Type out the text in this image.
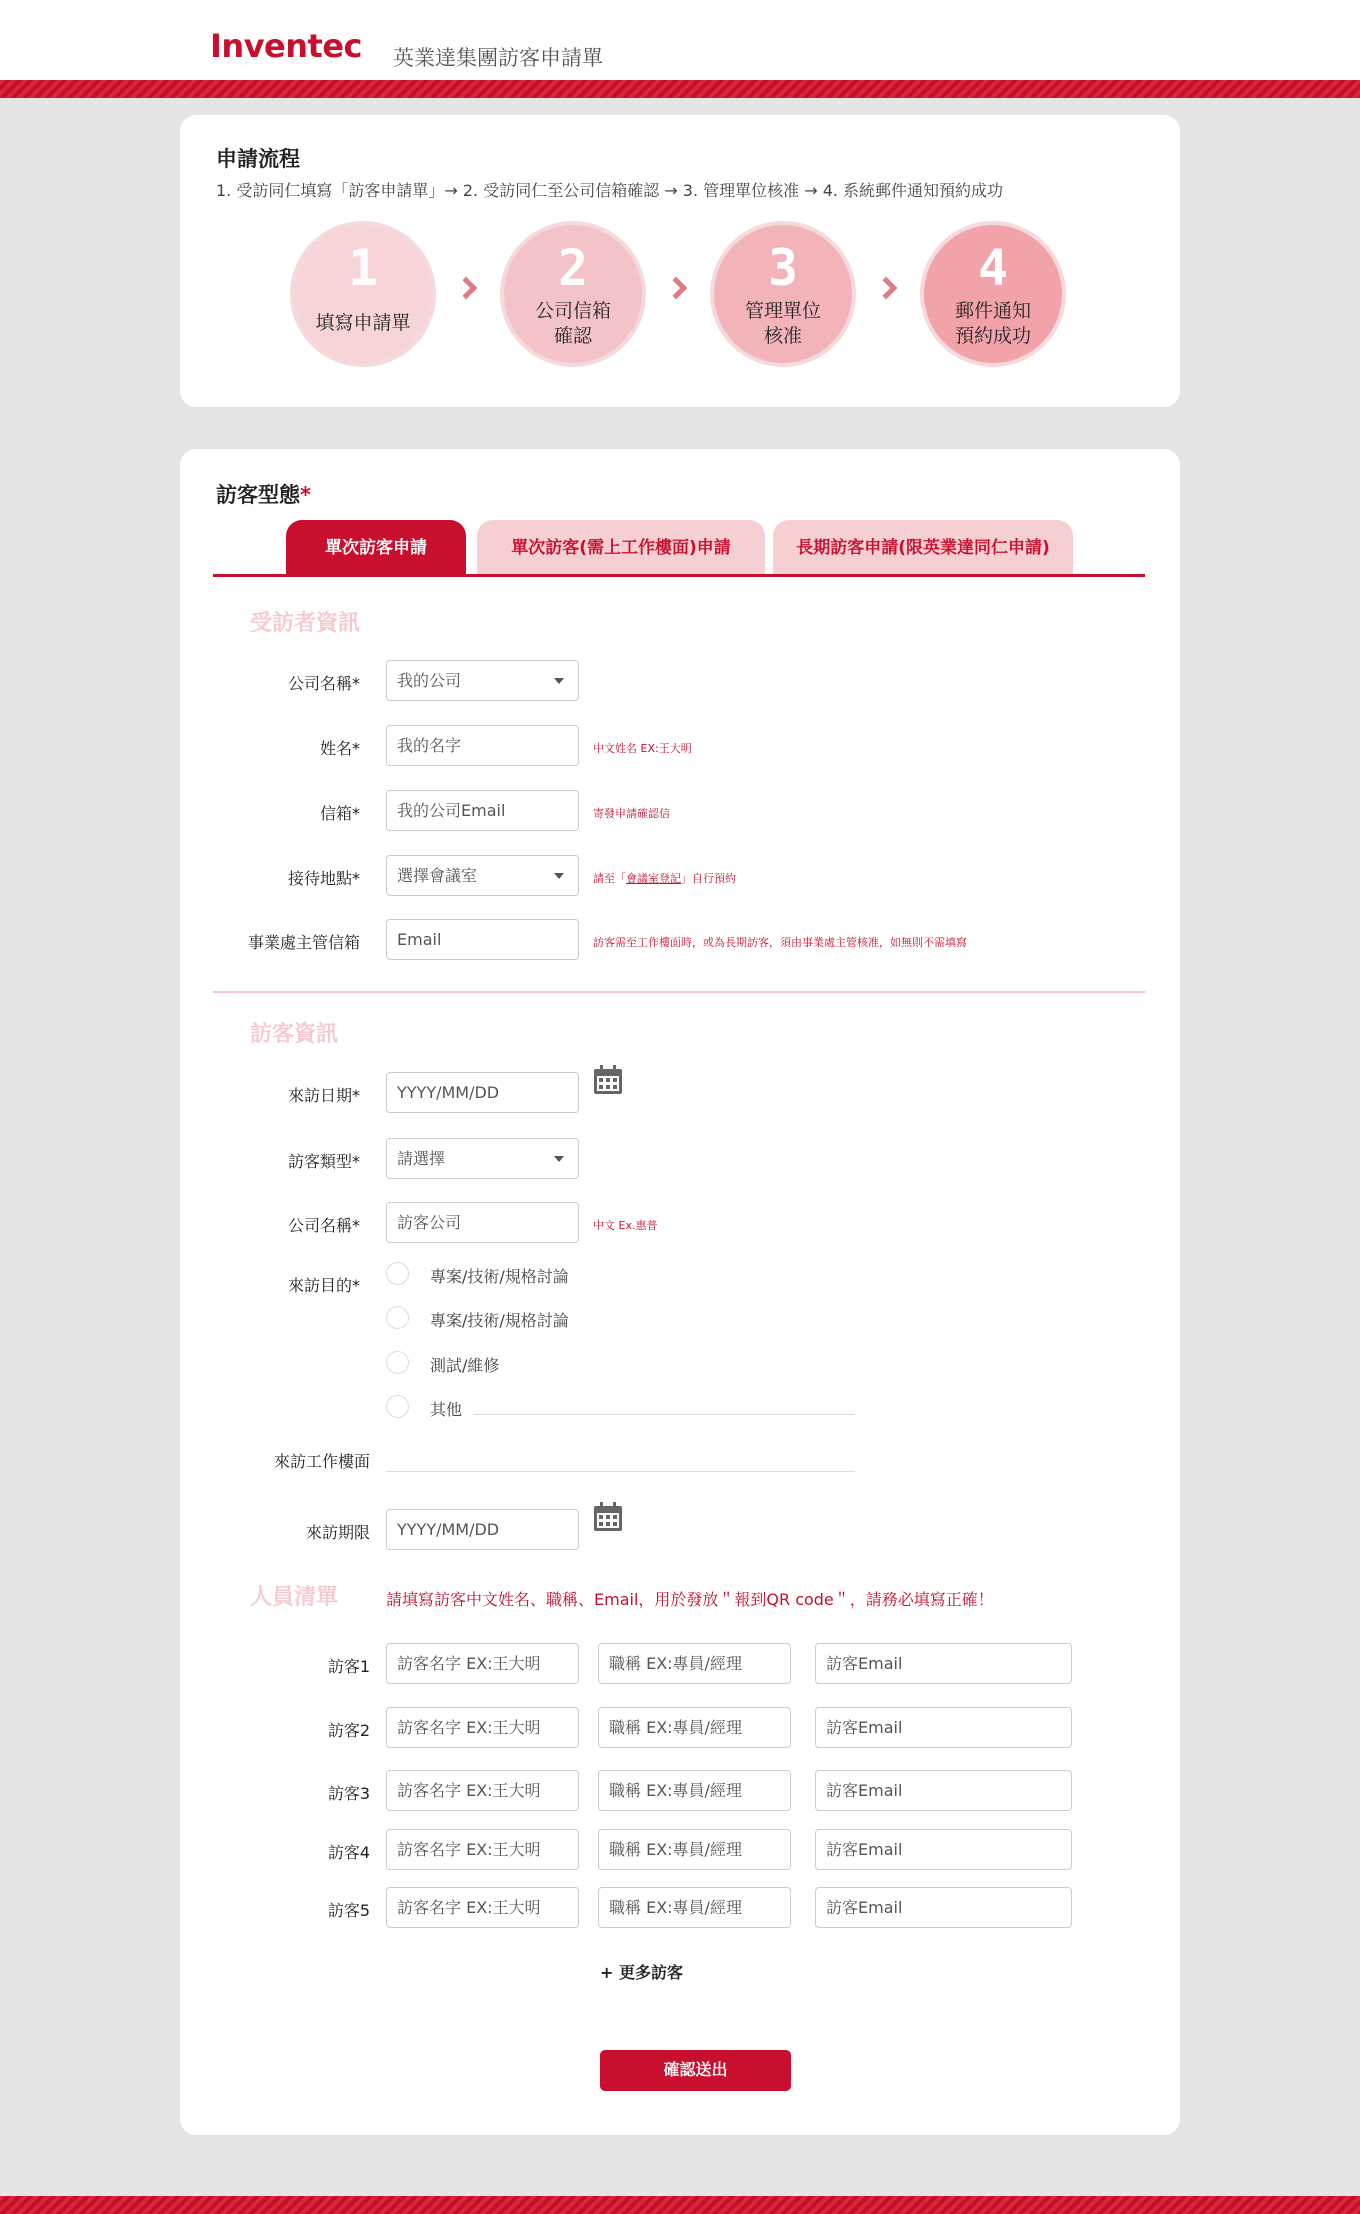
Inventec 英業達集團訪客申請單
申請流程
1. 受訪同仁填寫「訪客申請單」→ 2. 受訪同仁至公司信箱確認 → 3. 管理單位核准 → 4. 系統郵件通知預約成功
1
填寫申請單
2
公司信箱
確認
3
管理單位
核准
4
郵件通知
預約成功
訪客型態*
單次訪客申請	單次訪客(需上工作樓面)申請	長期訪客申請(限英業達同仁申請)
受訪者資訊
公司名稱*	我的公司
姓名*	我的名字	中文姓名 EX:王大明
信箱*	我的公司Email	寄發申請確認信
接待地點*	選擇會議室	請至「會議室登記」自行預約
事業處主管信箱	Email	訪客需至工作樓面時，或為長期訪客，須由事業處主管核准，如無則不需填寫
訪客資訊
來訪日期*	YYYY/MM/DD
訪客類型*	請選擇
公司名稱*	訪客公司	中文 Ex.惠普
來訪目的*	專案/技術/規格討論
專案/技術/規格討論
測試/維修
其他
來訪工作樓面
來訪期限	YYYY/MM/DD
人員清單	請填寫訪客中文姓名、職稱、Email，用於發放＂報到QR code＂，請務必填寫正確！
訪客1	訪客名字 EX:王大明	職稱 EX:專員/經理	訪客Email
訪客2	訪客名字 EX:王大明	職稱 EX:專員/經理	訪客Email
訪客3	訪客名字 EX:王大明	職稱 EX:專員/經理	訪客Email
訪客4	訪客名字 EX:王大明	職稱 EX:專員/經理	訪客Email
訪客5	訪客名字 EX:王大明	職稱 EX:專員/經理	訪客Email
+ 更多訪客
確認送出
